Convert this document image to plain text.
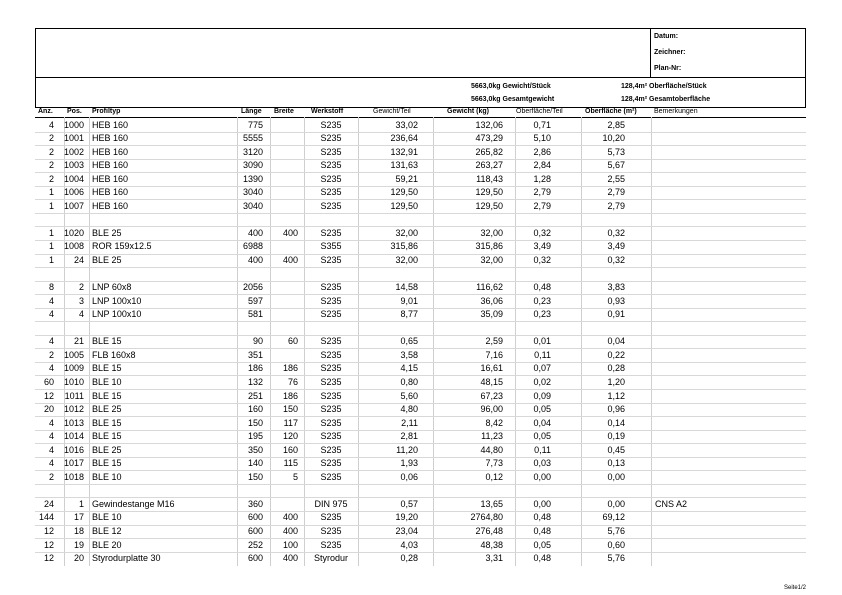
Datum:
Zeichner:
Plan-Nr:
5663,0kg Gewicht/Stück
5663,0kg Gesamtgewicht
128,4m² Oberfläche/Stück
128,4m² Gesamtoberfläche
Anz. Pos. Profiltyp	Länge Breite Werkstoff	Gewicht/Teil	Gewicht (kg)	Oberfläche/Teil	Oberfläche (m²) Bemerkungen
4 1000 HEB 160	775	S235	33,02	132,06	0,71	2,85
2 1001 HEB 160	5555	S235	236,64	473,29	5,10	10,20
2 1002 HEB 160	3120	S235	132,91	265,82	2,86	5,73
2 1003 HEB 160	3090	S235	131,63	263,27	2,84	5,67
2 1004 HEB 160	1390	S235	59,21	118,43	1,28	2,55
1 1006 HEB 160	3040	S235	129,50	129,50	2,79	2,79
1 1007 HEB 160	3040	S235	129,50	129,50	2,79	2,79
1 1020 BLE 25	400	400	S235	32,00	32,00	0,32	0,32
1 1008 ROR 159x12.5	6988	S355	315,86	315,86	3,49	3,49
1	24 BLE 25	400	400	S235	32,00	32,00	0,32	0,32
8	2 LNP 60x8	2056	S235	14,58	116,62	0,48	3,83
4	3 LNP 100x10	597	S235	9,01	36,06	0,23	0,93
4	4 LNP 100x10	581	S235	8,77	35,09	0,23	0,91
4	21 BLE 15	90	60	S235	0,65	2,59	0,01	0,04
2 1005 FLB 160x8	351	S235	3,58	7,16	0,11	0,22
4 1009 BLE 15	186	186	S235	4,15	16,61	0,07	0,28
60 1010 BLE 10	132	76	S235	0,80	48,15	0,02	1,20
12 1011 BLE 15	251	186	S235	5,60	67,23	0,09	1,12
20 1012 BLE 25	160	150	S235	4,80	96,00	0,05	0,96
4 1013 BLE 15	150	117	S235	2,11	8,42	0,04	0,14
4 1014 BLE 15	195	120	S235	2,81	11,23	0,05	0,19
4 1016 BLE 25	350	160	S235	11,20	44,80	0,11	0,45
4 1017 BLE 15	140	115	S235	1,93	7,73	0,03	0,13
2 1018 BLE 10	150	5	S235	0,06	0,12	0,00	0,00
24	1 Gewindestange M16	360	DIN 975	0,57	13,65	0,00	0,00	CNS A2
144	17 BLE 10	600	400	S235	19,20	2764,80	0,48	69,12
12	18 BLE 12	600	400	S235	23,04	276,48	0,48	5,76
12	19 BLE 20	252	100	S235	4,03	48,38	0,05	0,60
12	20 Styrodurplatte 30	600	400	Styrodur	0,28	3,31	0,48	5,76
Seite1/2
